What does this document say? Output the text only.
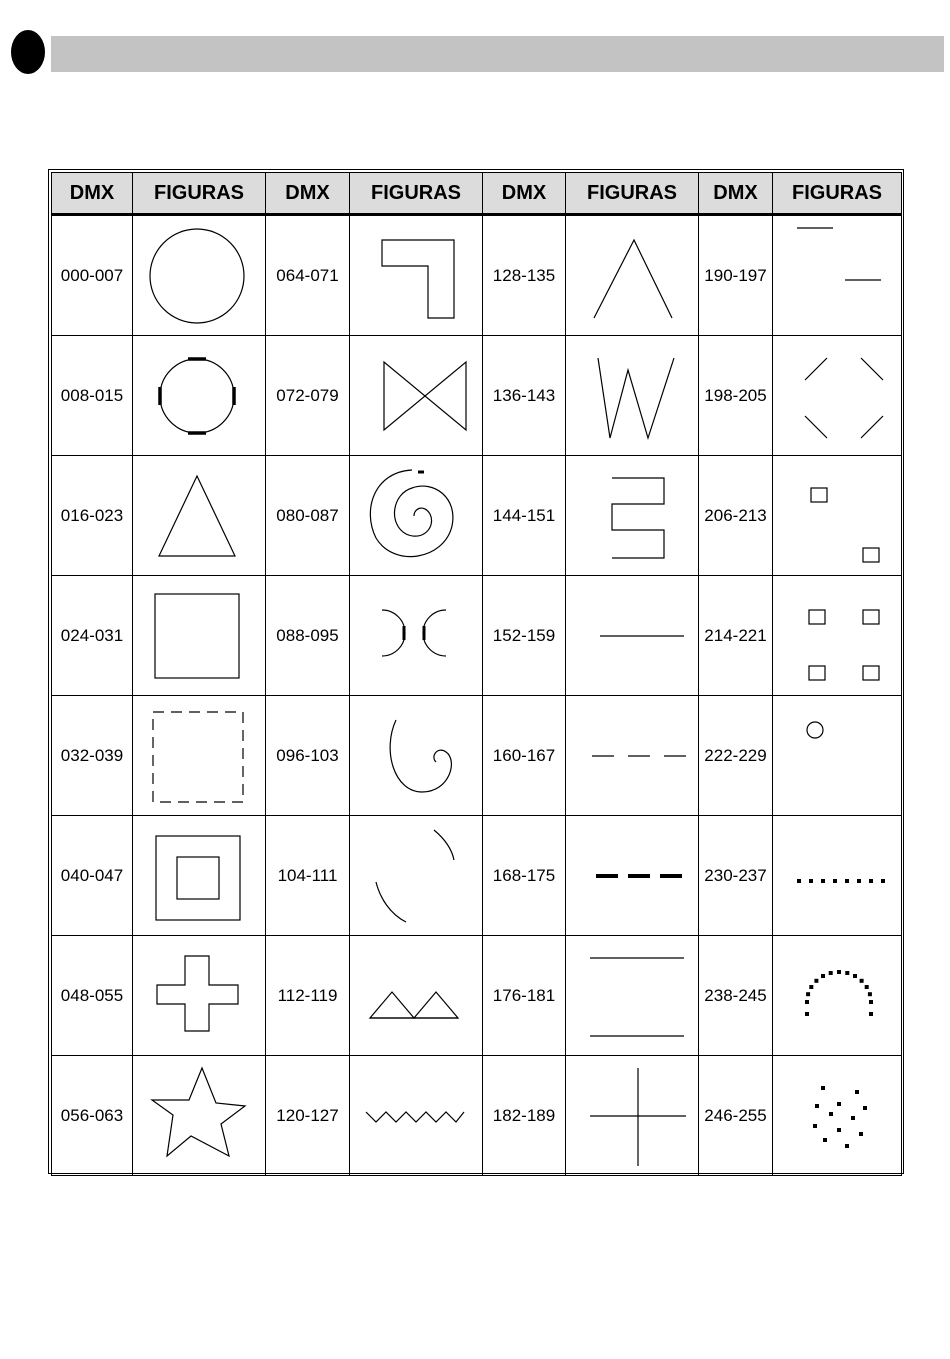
DMX	FIGURAS	DMX	FIGURAS	DMX	FIGURAS	DMX	FIGURAS
000-007		064-071		128-135		190-197	

008-015		072-079		136-143		198-205	

016-023		080-087		144-151		206-213	

024-031		088-095		152-159		214-221	

032-039		096-103		160-167		222-229	

040-047		104-111		168-175		230-237	

048-055		112-119		176-181		238-245	

056-063		120-127		182-189		246-255	
